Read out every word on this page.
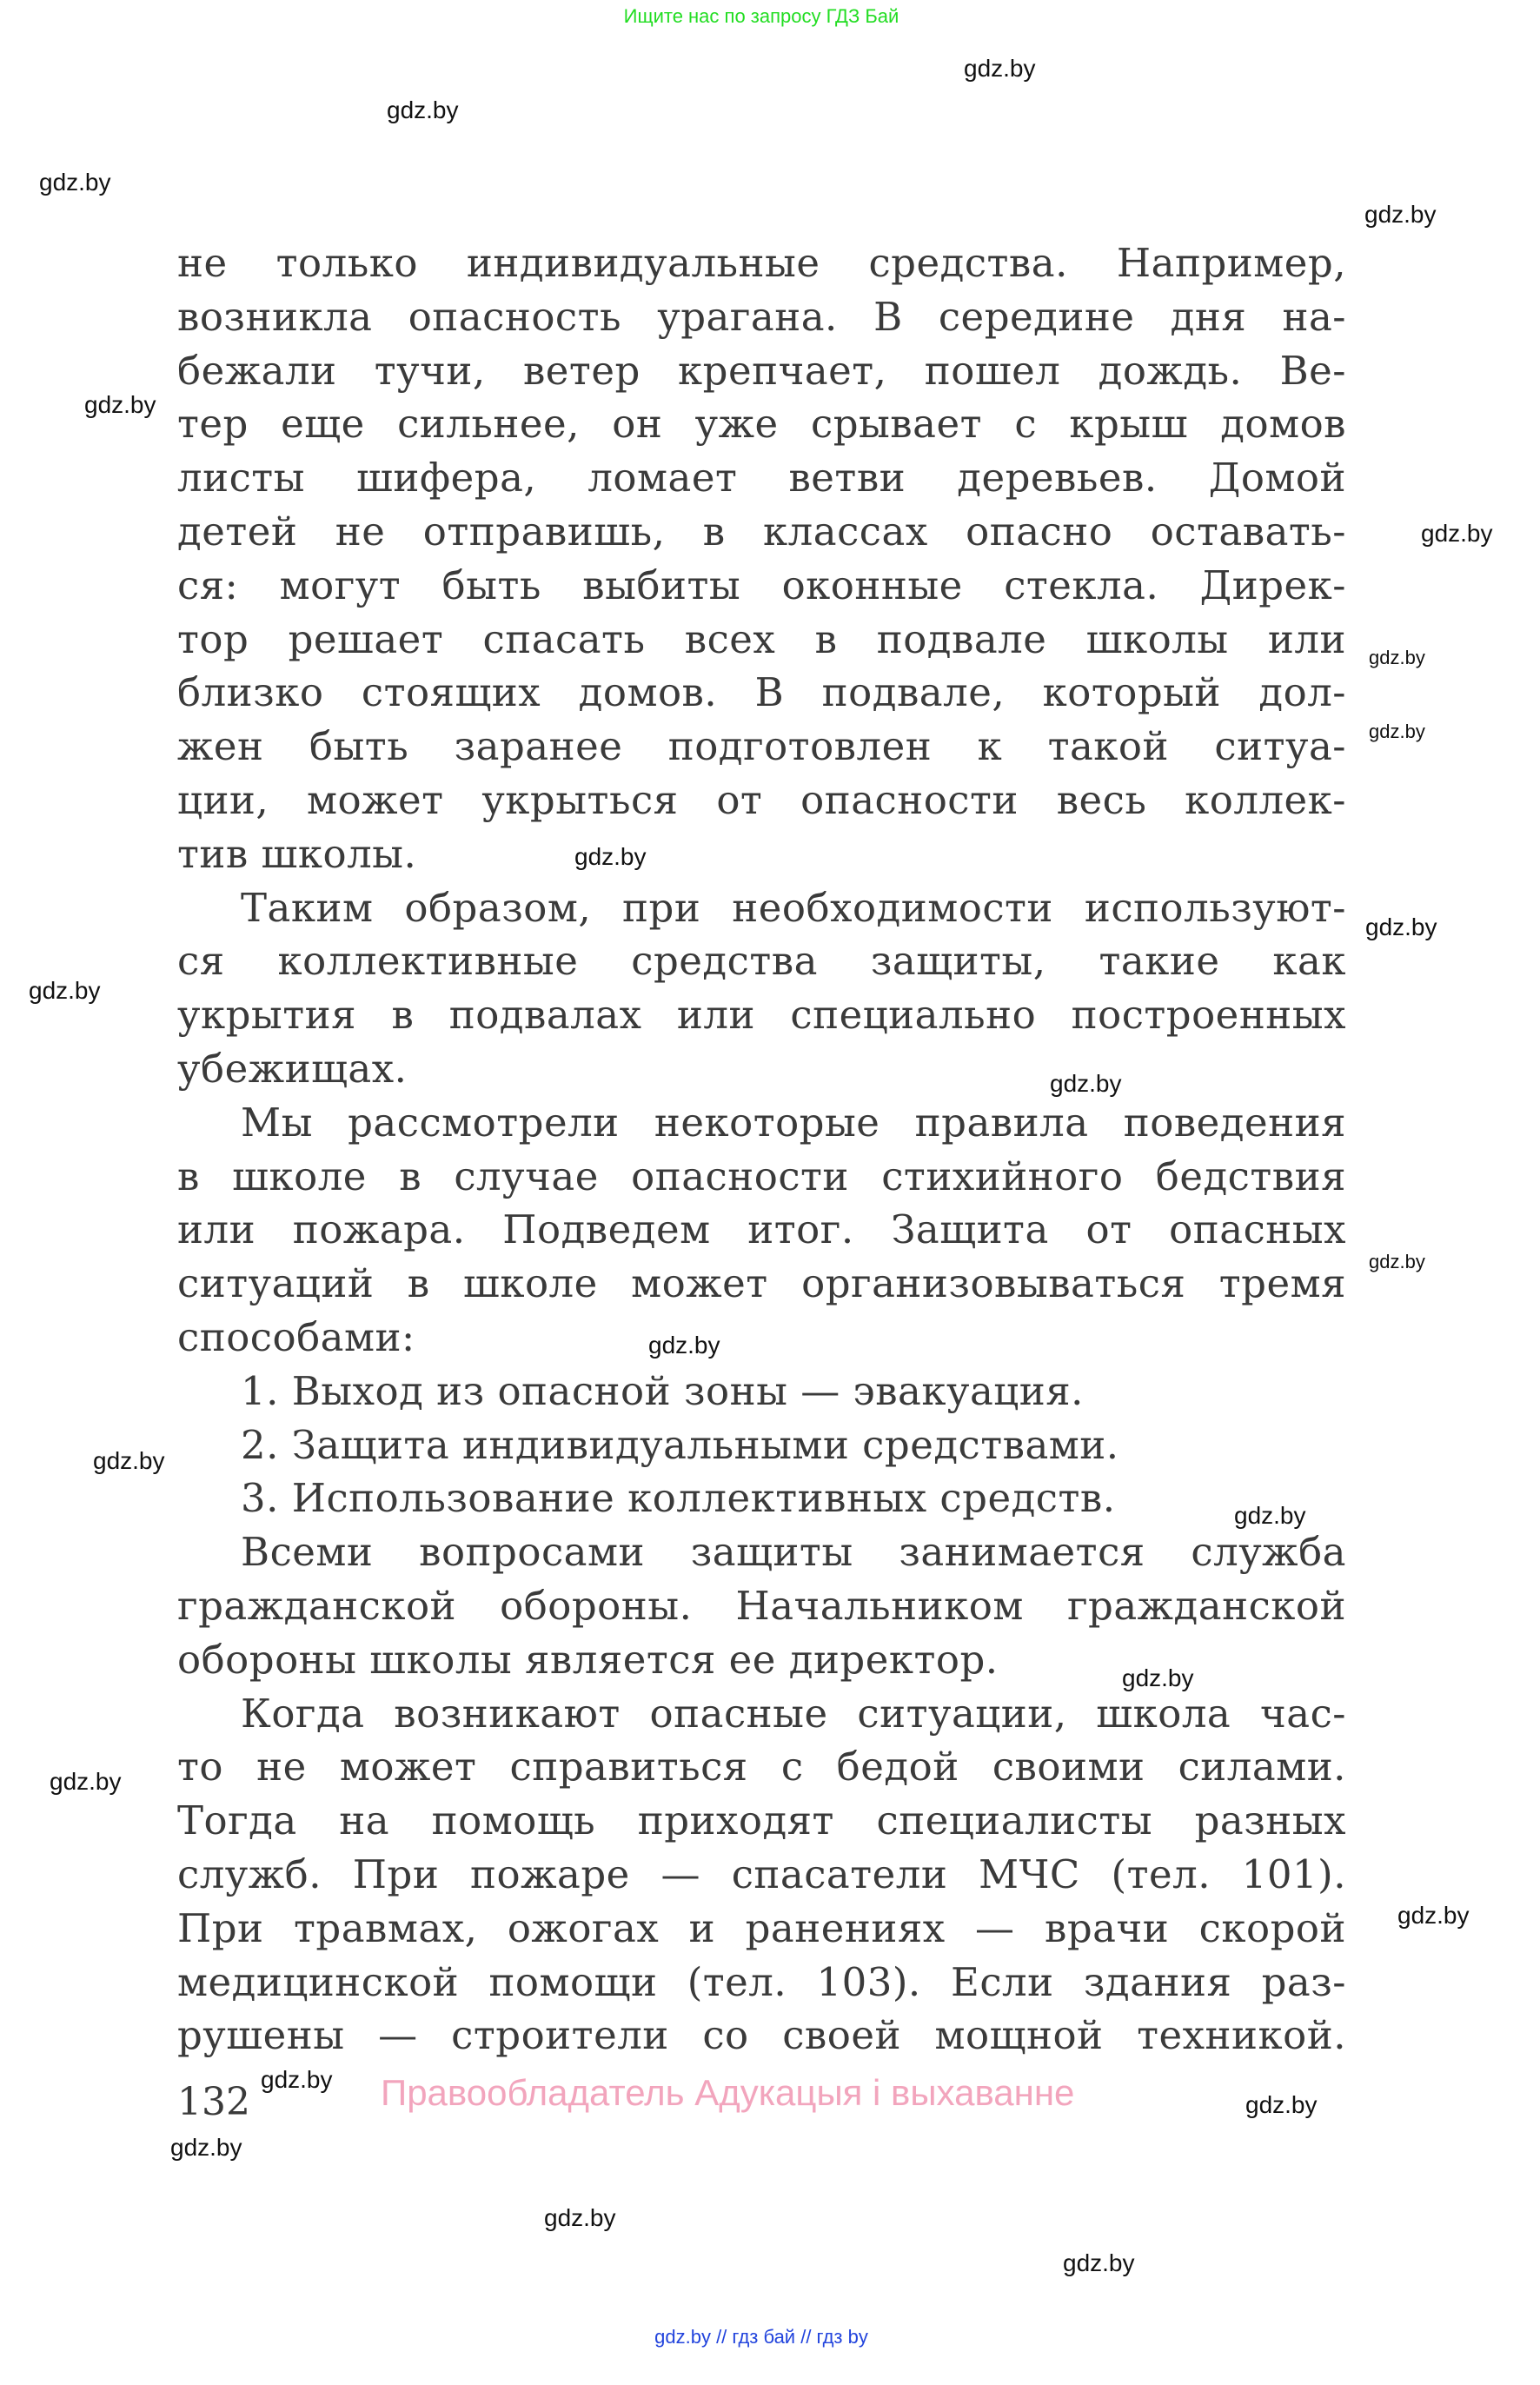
Ищите нас по запросу ГДЗ Бай
не только индивидуальные средства. Например,
возникла опасность урагана. В середине дня на-
бежали тучи, ветер крепчает, пошел дождь. Ве-
тер еще сильнее, он уже срывает с крыш домов
листы шифера, ломает ветви деревьев. Домой
детей не отправишь, в классах опасно оставать-
ся: могут быть выбиты оконные стекла. Дирек-
тор решает спасать всех в подвале школы или
близко стоящих домов. В подвале, который дол-
жен быть заранее подготовлен к такой ситуа-
ции, может укрыться от опасности весь коллек-
тив школы.
Таким образом, при необходимости используют-
ся коллективные средства защиты, такие как
укрытия в подвалах или специально построенных
убежищах.
Мы рассмотрели некоторые правила поведения
в школе в случае опасности стихийного бедствия
или пожара. Подведем итог. Защита от опасных
ситуаций в школе может организовываться тремя
способами:
1. Выход из опасной зоны — эвакуация.
2. Защита индивидуальными средствами.
3. Использование коллективных средств.
Всеми вопросами защиты занимается служба
гражданской обороны. Начальником гражданской
обороны школы является ее директор.
Когда возникают опасные ситуации, школа час-
то не может справиться с бедой своими силами.
Тогда на помощь приходят специалисты разных
служб. При пожаре — спасатели МЧС (тел. 101).
При травмах, ожогах и ранениях — врачи скорой
медицинской помощи (тел. 103). Если здания раз-
рушены — строители со своей мощной техникой.
132	Правообладатель Адукацыя і выхаванне
gdz.by
gdz.by
gdz.by
gdz.by
gdz.by
gdz.by
gdz.by
gdz.by
gdz.by
gdz.by
gdz.by
gdz.by
gdz.by
gdz.by
gdz.by
gdz.by
gdz.by
gdz.by
gdz.by
gdz.by
gdz.by
gdz.by
gdz.by
gdz.by
gdz.by // гдз бай // гдз by
